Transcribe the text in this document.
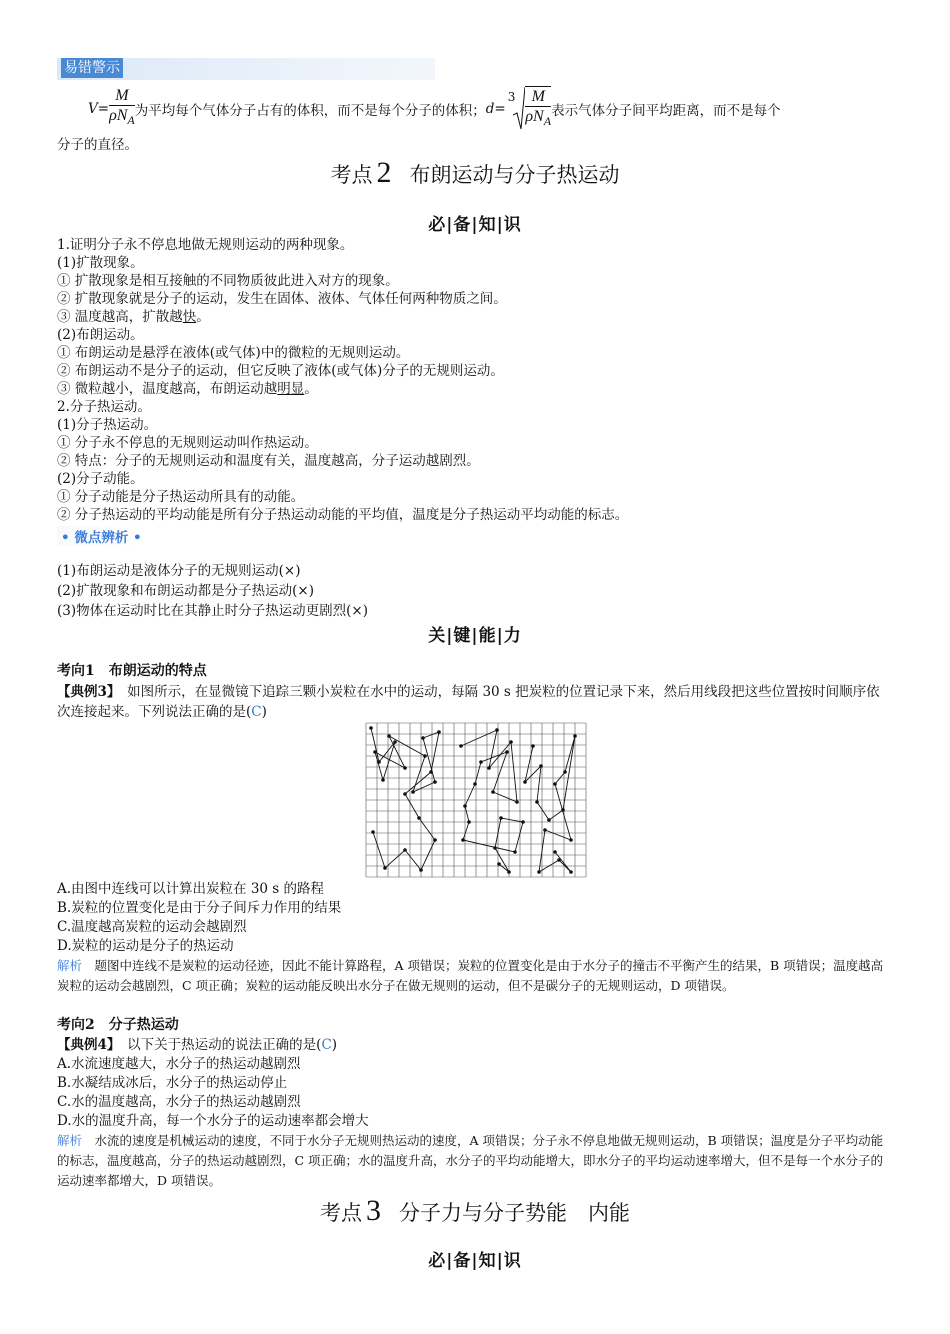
易错警示
$V= \frac{M}{\rho N_A}$ 为平均每个气体分子占有的体积，而不是每个分子的体积； d=
$^3 \frac{M}{\rho N_A}$ 表示气体分子间平均距离，而不是每个
分子的直径。
考点 2 布朗运动与分子热运动
必|备|知|识
1.证明分子永不停息地做无规则运动的两种现象。
(1)扩散现象。
① 扩散现象是相互接触的不同物质彼此进入对方的现象。
② 扩散现象就是分子的运动，发生在固体、液体、气体任何两种物质之间。
③ 温度越高，扩散越快。
(2)布朗运动。
① 布朗运动是悬浮在液体(或气体)中的微粒的无规则运动。
② 布朗运动不是分子的运动，但它反映了液体(或气体)分子的无规则运动。
③ 微粒越小，温度越高，布朗运动越明显。
2.分子热运动。
(1)分子热运动。
① 分子永不停息的无规则运动叫作热运动。
② 特点：分子的无规则运动和温度有关，温度越高，分子运动越剧烈。
(2)分子动能。
① 分子动能是分子热运动所具有的动能。
② 分子热运动的平均动能是所有分子热运动动能的平均值，温度是分子热运动平均动能的标志。
• 微点辨析 •
(1)布朗运动是液体分子的无规则运动(×)
(2)扩散现象和布朗运动都是分子热运动(×)
(3)物体在运动时比在其静止时分子热运动更剧烈(×)
关|键|能|力
考向1　布朗运动的特点
【典例3】　如图所示，在显微镜下追踪三颗小炭粒在水中的运动，每隔 30 s 把炭粒的位置记录下来，然后用线段把这些位置按时间顺序依次连接起来。下列说法正确的是(C)
A.由图中连线可以计算出炭粒在 30 s 的路程
B.炭粒的位置变化是由于分子间斥力作用的结果
C.温度越高炭粒的运动会越剧烈
D.炭粒的运动是分子的热运动
解析　题图中连线不是炭粒的运动径迹，因此不能计算路程，A 项错误；炭粒的位置变化是由于水分子的撞击不平衡产生的结果，B 项错误；温度越高炭粒的运动会越剧烈，C 项正确；炭粒的运动能反映出水分子在做无规则的运动，但不是碳分子的无规则运动，D 项错误。
考向2　分子热运动
【典例4】　以下关于热运动的说法正确的是(C)
A.水流速度越大，水分子的热运动越剧烈
B.水凝结成冰后，水分子的热运动停止
C.水的温度越高，水分子的热运动越剧烈
D.水的温度升高，每一个水分子的运动速率都会增大
解析　水流的速度是机械运动的速度，不同于水分子无规则热运动的速度，A 项错误；分子永不停息地做无规则运动，B 项错误；温度是分子平均动能的标志，温度越高，分子的热运动越剧烈，C 项正确；水的温度升高，水分子的平均动能增大，即水分子的平均运动速率增大，但不是每一个水分子的运动速率都增大，D 项错误。
考点 3 分子力与分子势能　内能
必|备|知|识
